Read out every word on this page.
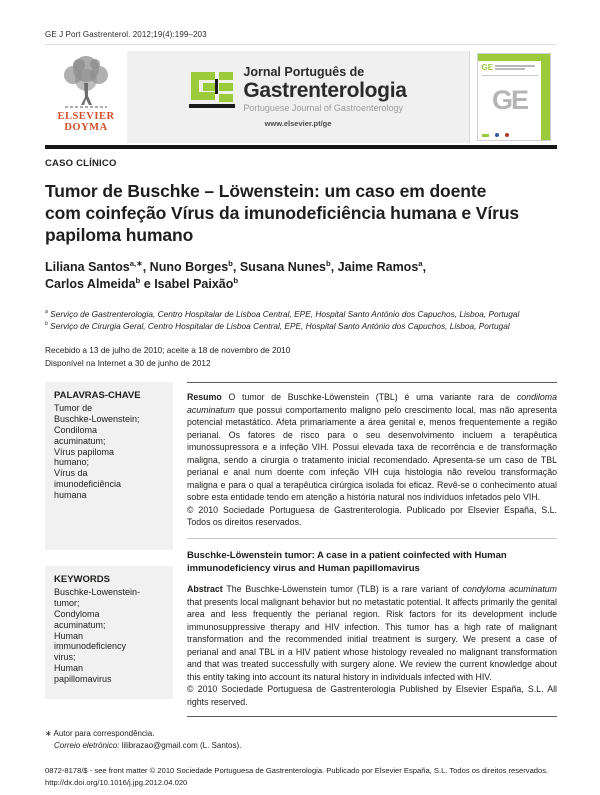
GE J Port Gastrenterol. 2012;19(4):199–203
ELSEVIER
DOYMA
Jornal Português de
Gastrenterologia
Portuguese Journal of Gastroenterology
www.elsevier.pt/ge
GE
GE
CASO CLÍNICO
Tumor de Buschke – Löwenstein: um caso em doente
com coinfeção Vírus da imunodeficiência humana e Vírus
papiloma humano
Liliana Santos$^{a,∗}$, Nuno Borges$^b$, Susana Nunes$^b$, Jaime Ramos$^a$,
Carlos Almeida$^b$ e Isabel Paixão$^b$
$^a$ Serviço de Gastrenterologia, Centro Hospitalar de Lisboa Central, EPE, Hospital Santo António dos Capuchos, Lisboa, Portugal
$^b$ Serviço de Cirurgia Geral, Centro Hospitalar de Lisboa Central, EPE, Hospital Santo António dos Capuchos, Lisboa, Portugal
Recebido a 13 de julho de 2010; aceite a 18 de novembro de 2010
Disponível na Internet a 30 de junho de 2012
PALAVRAS-CHAVE
Tumor de
Buschke-Lowenstein;
Condiloma
acuminatum;
Vírus papiloma
humano;
Vírus da
imunodeficiência
humana
KEYWORDS
Buschke-Lowenstein-
tumor;
Condyloma
acuminatum;
Human
immunodeficiency
virus;
Human
papillomavirus

Resumo O tumor de Buschke-Löwenstein (TBL) é uma variante rara de condiloma acuminatum que possui comportamento maligno pelo crescimento local, mas não apresenta potencial metastático. Afeta primariamente a área genital e, menos frequentemente a região perianal. Os fatores de risco para o seu desenvolvimento incluem a terapêutica imunossupressora e a infeção VIH. Possui elevada taxa de recorrência e de transformação maligna, sendo a cirurgia o tratamento inicial recomendado. Apresenta-se um caso de TBL perianal e anal num doente com infeção VIH cuja histologia não revelou transformação maligna e para o qual a terapêutica cirúrgica isolada foi eficaz. Revê-se o conhecimento atual sobre esta entidade tendo em atenção a história natural nos indivíduos infetados pelo VIH.

© 2010 Sociedade Portuguesa de Gastrenterologia. Publicado por Elsevier España, S.L. Todos os direitos reservados.

Buschke-Löwenstein tumor: A case in a patient coinfected with Human immunodeficiency virus and Human papillomavirus

Abstract The Buschke-Löwenstein tumor (TLB) is a rare variant of condyloma acuminatum that presents local malignant behavior but no metastatic potential. It affects primarily the genital area and less frequently the perianal region. Risk factors for its development include immunosuppressive therapy and HIV infection. This tumor has a high rate of malignant transformation and the recommended initial treatment is surgery. We present a case of perianal and anal TBL in a HIV patient whose histology revealed no malignant transformation and that was treated successfully with surgery alone. We review the current knowledge about this entity taking into account its natural history in individuals infected with HIV.

© 2010 Sociedade Portuguesa de Gastrenterologia Published by Elsevier España, S.L. All rights reserved.

∗ Autor para correspondência.
Correio eletrónico: lilibrazao@gmail.com (L. Santos).
0872-8178/$ - see front matter © 2010 Sociedade Portuguesa de Gastrenterologia. Publicado por Elsevier España, S.L. Todos os direitos reservados.
http://dx.doi.org/10.1016/j.jpg.2012.04.020
